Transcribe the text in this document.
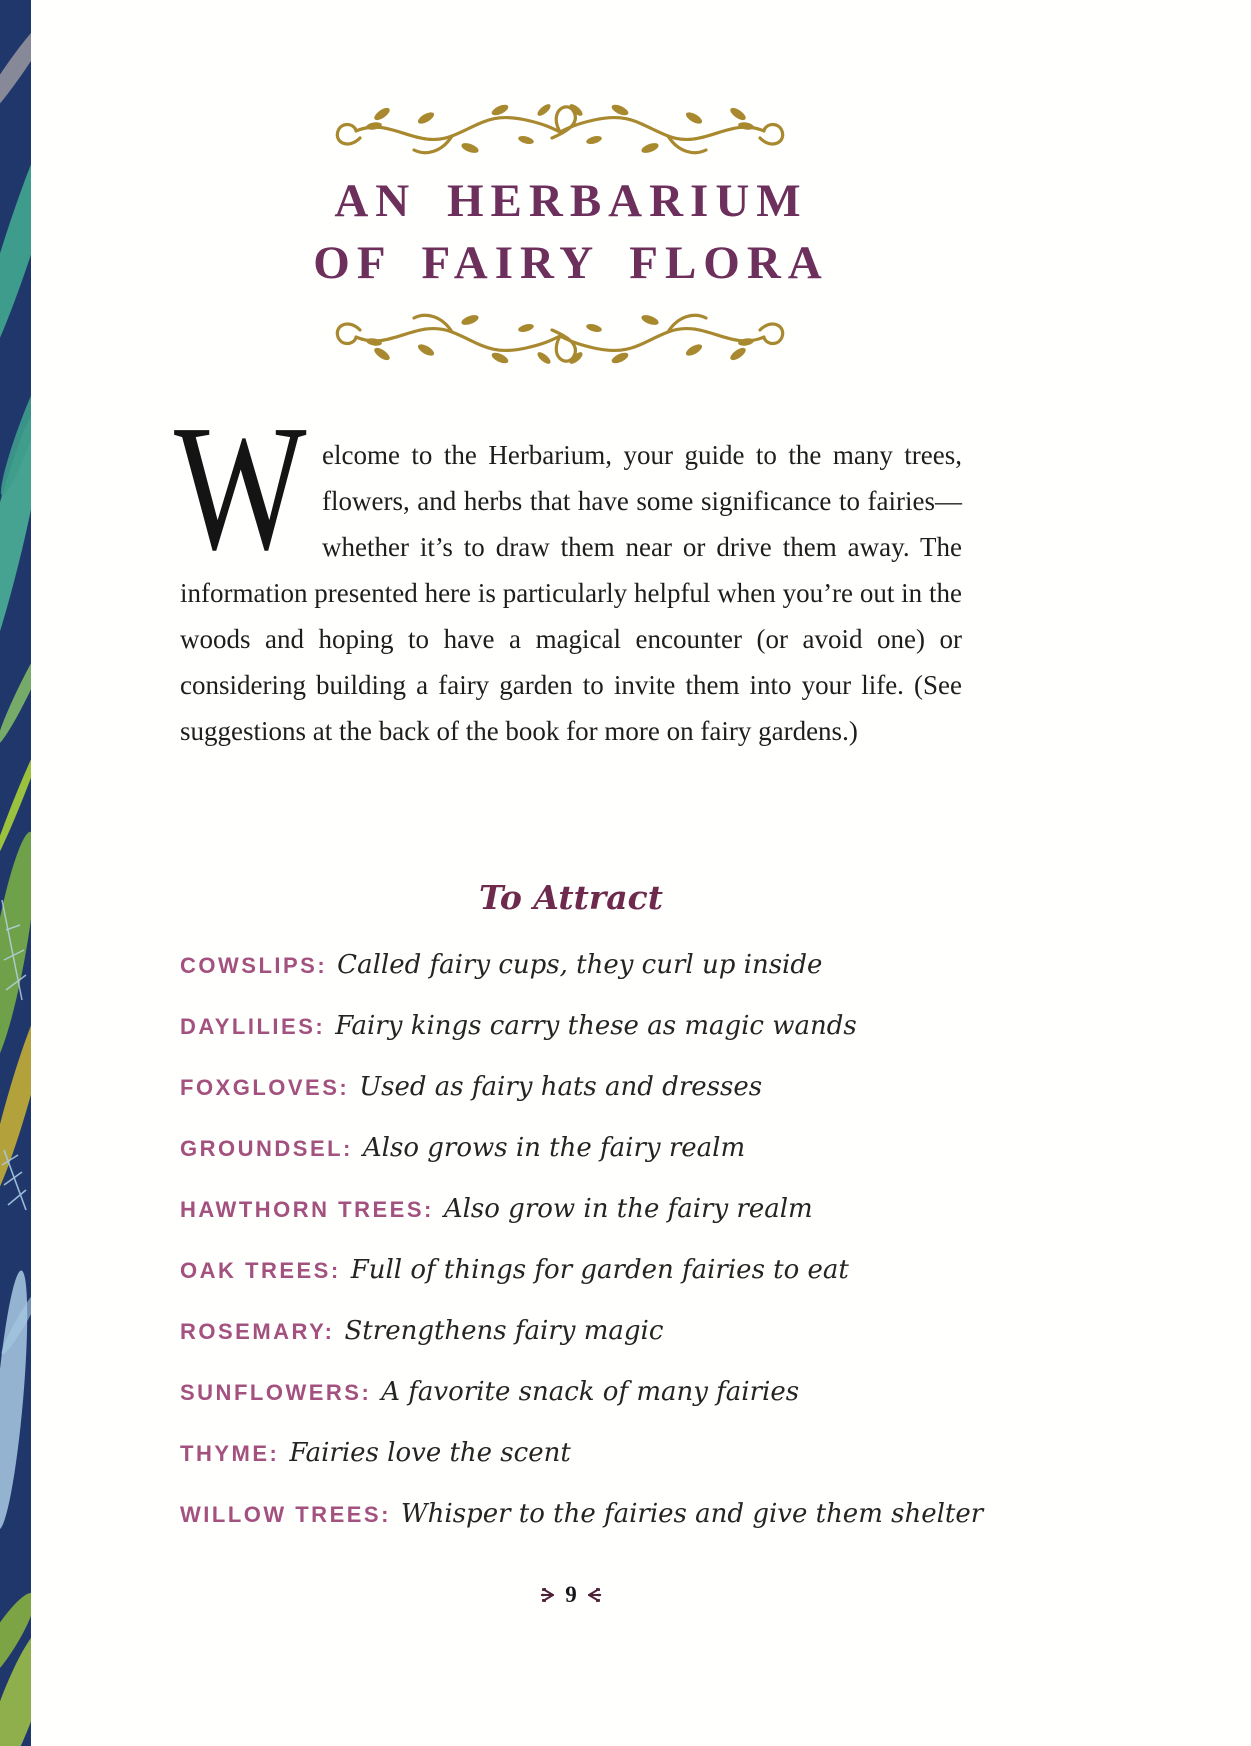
AN HERBARIUM
OF FAIRY FLORA
W elcome to the Herbarium, your guide to the many trees, flowers, and herbs that have some significance to fairies—whether it’s to draw them near or drive them away. The information presented here is particularly helpful when you’re out in the woods and hoping to have a magical encounter (or avoid one) or considering building a fairy garden to invite them into your life. (See suggestions at the back of the book for more on fairy gardens.)
To Attract

COWSLIPS: Called fairy cups, they curl up inside

DAYLILIES: Fairy kings carry these as magic wands

FOXGLOVES: Used as fairy hats and dresses

GROUNDSEL: Also grows in the fairy realm

HAWTHORN TREES: Also grow in the fairy realm

OAK TREES: Full of things for garden fairies to eat

ROSEMARY: Strengthens fairy magic

SUNFLOWERS: A favorite snack of many fairies

THYME: Fairies love the scent

WILLOW TREES: Whisper to the fairies and give them shelter

9
